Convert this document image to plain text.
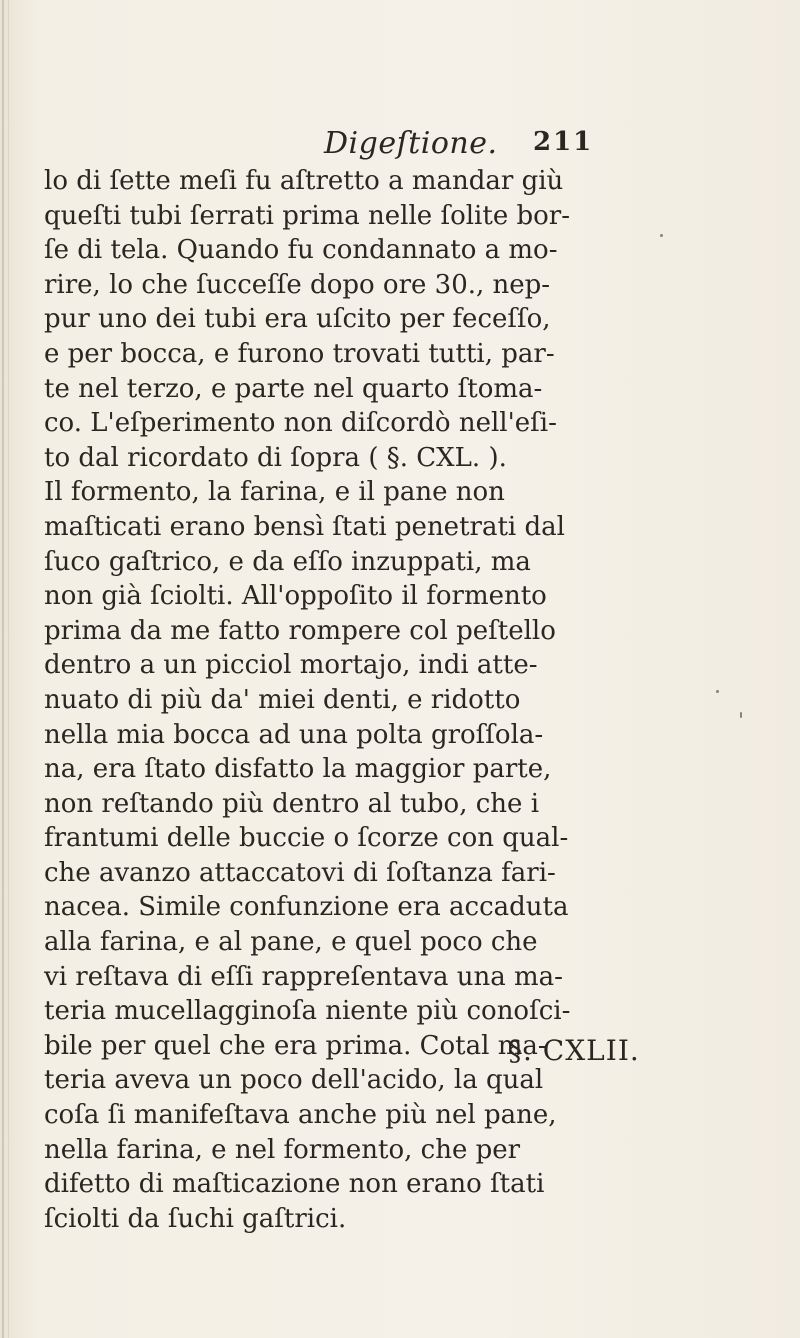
Digeſtione. 211
lo di ſette meſi fu aſtretto a mandar giù
queſti tubi ſerrati prima nelle ſolite bor-
ſe di tela. Quando fu condannato a mo-
rire, lo che ſucceſſe dopo ore 30., nep-
pur uno dei tubi era uſcito per feceſſo,
e per bocca, e furono trovati tutti, par-
te nel terzo, e parte nel quarto ſtoma-
co. L'eſperimento non diſcordò nell'eſi-
to dal ricordato di ſopra ( §. CXL. ).
Il formento, la farina, e il pane non
maſticati erano bensì ſtati penetrati dal
ſuco gaſtrico, e da eſſo inzuppati, ma
non già ſciolti. All'oppoſito il formento
prima da me fatto rompere col peſtello
dentro a un picciol mortajo, indi atte-
nuato di più da' miei denti, e ridotto
nella mia bocca ad una polta groſſola-
na, era ſtato disfatto la maggior parte,
non reſtando più dentro al tubo, che i
frantumi delle buccie o ſcorze con qual-
che avanzo attaccatovi di ſoſtanza fari-
nacea. Simile confunzione era accaduta
alla farina, e al pane, e quel poco che
vi reſtava di eſſi rappreſentava una ma-
teria mucellagginoſa niente più conoſci-
bile per quel che era prima. Cotal ma-
teria aveva un poco dell'acido, la qual
coſa ſi manifeſtava anche più nel pane,
nella farina, e nel formento, che per
difetto di maſticazione non erano ſtati
ſciolti da ſuchi gaſtrici.
§. CXLII.
